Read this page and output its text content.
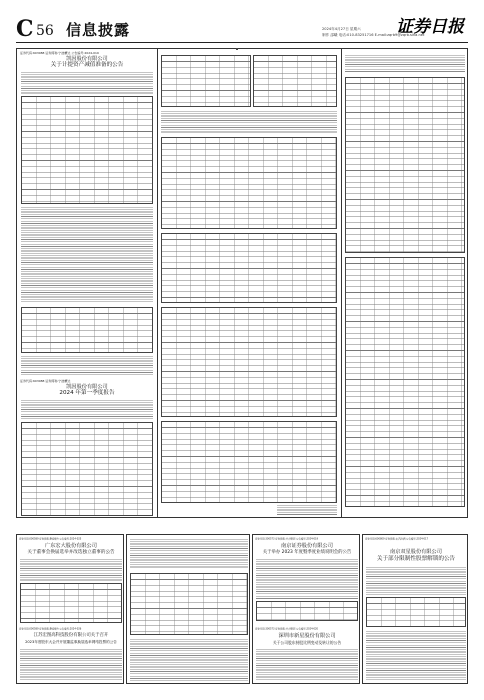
C 56 信息披露	2024年4月27日 星期六
制作 邵曦 电话:010-83251716 E-mail:zqrb9@zqrb.sina.net
证券日报
证券代码:603088 证券简称:宁波精达 公告编号:2024-019
凯因股份有限公司
关于计提资产减值准备的公告
证券代码:603088 证券简称:宁波精达
凯因股份有限公司
2024 年第一季度报告
证券代码:000589 证券简称:黔轮胎A 公告编号:2024-025
广东宏大股份有限公司
关于董事会换届选举并改选独立董事的公告
证券代码:000589 证券简称:黔轮胎A 公告编号:2024-026
江苏宏图高科技股份有限公司关于召开
2023年度股东大会并开展董监事换届选举网络投票的公告
证券代码:300573 证券简称:兴齐眼药 公告编号:2024-019
南京证券股份有限公司
关于举办 2023 年度暨季度业绩说明会的公告
证券代码:300573 证券简称:兴齐眼药 公告编号:2024-020
深圳市新星股份有限公司
关于公司股东持股比例变动及转让的公告
证券代码:600809 证券简称:山西汾酒 公告编号:2024-017
南京双星股份有限公司
关于部分限制性股票解锁的公告
